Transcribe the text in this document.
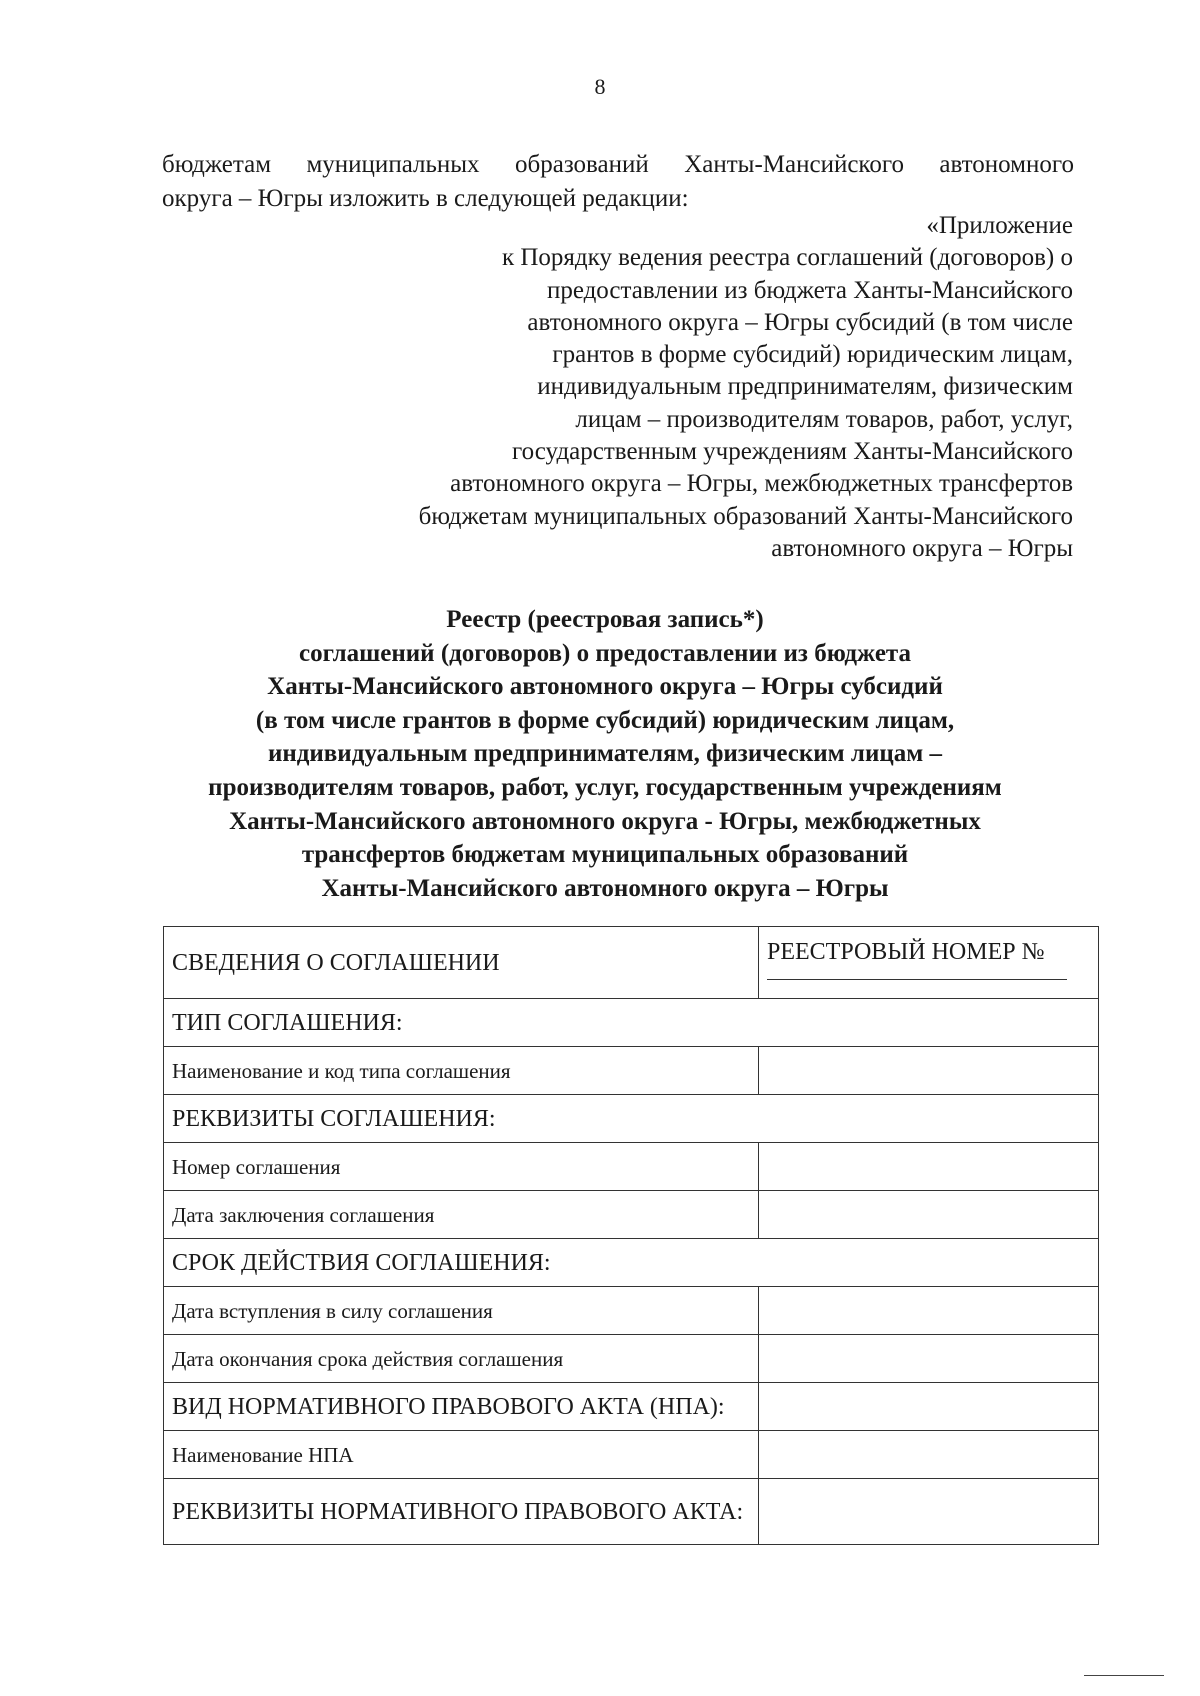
8
бюджетам муниципальных образований Ханты-Мансийского автономного
округа – Югры изложить в следующей редакции:
«Приложение
к Порядку ведения реестра соглашений (договоров) о
предоставлении из бюджета Ханты-Мансийского
автономного округа – Югры субсидий (в том числе
грантов в форме субсидий) юридическим лицам,
индивидуальным предпринимателям, физическим
лицам – производителям товаров, работ, услуг,
государственным учреждениям Ханты-Мансийского
автономного округа – Югры, межбюджетных трансфертов
бюджетам муниципальных образований Ханты-Мансийского
автономного округа – Югры
Реестр (реестровая запись*)
соглашений (договоров) о предоставлении из бюджета
Ханты-Мансийского автономного округа – Югры субсидий
(в том числе грантов в форме субсидий) юридическим лицам,
индивидуальным предпринимателям, физическим лицам –
производителям товаров, работ, услуг, государственным учреждениям
Ханты-Мансийского автономного округа - Югры, межбюджетных
трансфертов бюджетам муниципальных образований
Ханты-Мансийского автономного округа – Югры
СВЕДЕНИЯ О СОГЛАШЕНИИ	РЕЕСТРОВЫЙ НОМЕР №

ТИП СОГЛАШЕНИЯ:	
Наименование и код типа соглашения	
РЕКВИЗИТЫ СОГЛАШЕНИЯ:	
Номер соглашения	
Дата заключения соглашения	
СРОК ДЕЙСТВИЯ СОГЛАШЕНИЯ:	
Дата вступления в силу соглашения	
Дата окончания срока действия соглашения	
ВИД НОРМАТИВНОГО ПРАВОВОГО АКТА (НПА):	
Наименование НПА	
РЕКВИЗИТЫ НОРМАТИВНОГО ПРАВОВОГО АКТА:	
